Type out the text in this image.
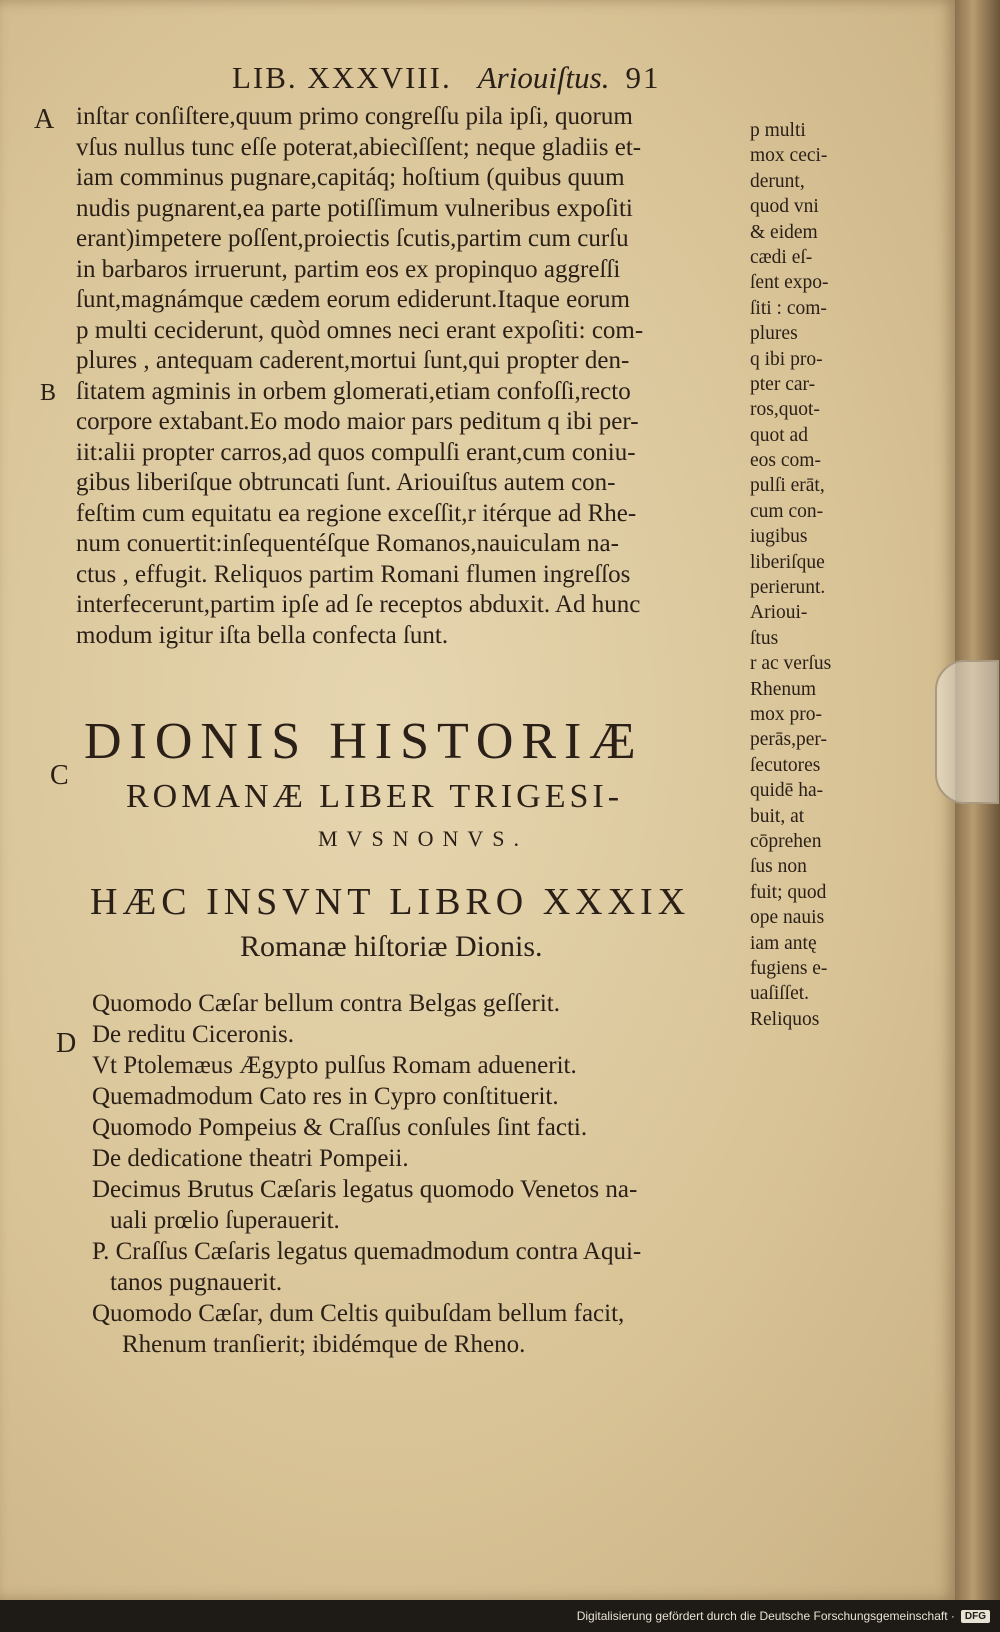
LIB. XXXVIII. Ariouiſtus. 91
A
B
C
D
inſtar conſiſtere,quum primo congreſſu pila ipſi, quorum
vſus nullus tunc eſſe poterat,abiecìſſent; neque gladiis et-
iam comminus pugnare,capitáq; hoſtium (quibus quum
nudis pugnarent,ea parte potiſſimum vulneribus expoſiti
erant)impetere poſſent,proiectis ſcutis,partim cum curſu
in barbaros irruerunt, partim eos ex propinquo aggreſſi
ſunt,magnámque cædem eorum ediderunt.Itaque eorum
p multi ceciderunt, quòd omnes neci erant expoſiti: com-
plures , antequam caderent,mortui ſunt,qui propter den-
ſitatem agminis in orbem glomerati,etiam confoſſi,recto
corpore extabant.Eo modo maior pars peditum q ibi per-
iit:alii propter carros,ad quos compulſi erant,cum coniu-
gibus liberiſque obtruncati ſunt. Ariouiſtus autem con-
feſtim cum equitatu ea regione exceſſit,r itérque ad Rhe-
num conuertit:inſequentéſque Romanos,nauiculam na-
ctus , effugit. Reliquos partim Romani flumen ingreſſos
interfecerunt,partim ipſe ad ſe receptos abduxit. Ad hunc
modum igitur iſta bella confecta ſunt.
p multi
mox ceci-
derunt,
quod vni
& eidem
cædi eſ-
ſent expo-
ſiti : com-
plures
q ibi pro-
pter car-
ros,quot-
quot ad
eos com-
pulſi erāt,
cum con-
iugibus
liberiſque
perierunt.
Arioui-
ſtus
r ac verſus
Rhenum
mox pro-
perās,per-
ſecutores
quidē ha-
buit, at
cōprehen
ſus non
fuit; quod
ope nauis
iam antę
fugiens e-
uaſiſſet.
Reliquos
DIONIS HISTORIÆ
ROMANÆ LIBER TRIGESI-
MVSNONVS.
HÆC INSVNT LIBRO XXXIX
Romanæ hiſtoriæ Dionis.
Quomodo Cæſar bellum contra Belgas geſſerit.
De reditu Ciceronis.
Vt Ptolemæus Ægypto pulſus Romam aduenerit.
Quemadmodum Cato res in Cypro conſtituerit.
Quomodo Pompeius & Craſſus conſules ſint facti.
De dedicatione theatri Pompeii.
Decimus Brutus Cæſaris legatus quomodo Venetos na-
uali prœlio ſuperauerit.
P. Craſſus Cæſaris legatus quemadmodum contra Aqui-
tanos pugnauerit.
Quomodo Cæſar, dum Celtis quibuſdam bellum facit,
Rhenum tranſierit; ibidémque de Rheno.
Digitalisierung gefördert durch die Deutsche Forschungsgemeinschaft ·	DFG
